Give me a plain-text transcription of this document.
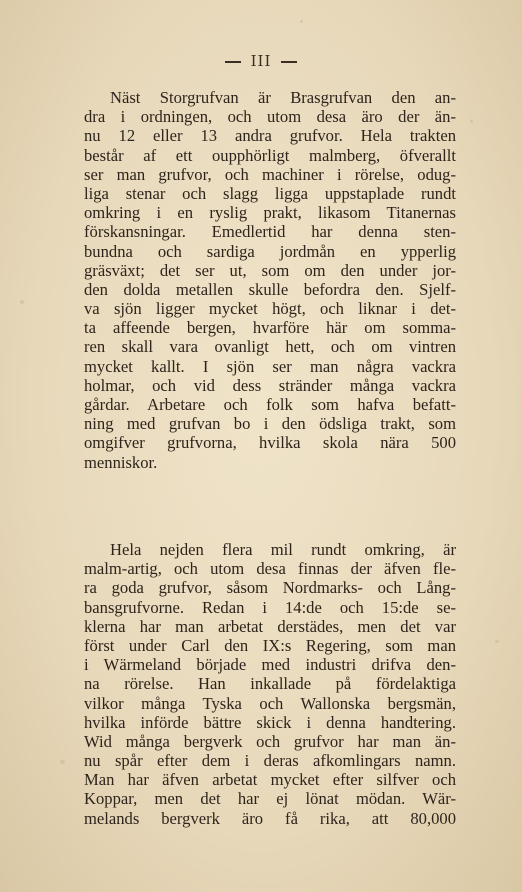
III
Näst Storgrufvan är Brasgrufvan den an-
dra i ordningen, och utom desa äro der än-
nu 12 eller 13 andra grufvor. Hela trakten
består af ett oupphörligt malmberg, öfverallt
ser man grufvor, och machiner i rörelse, odug-
liga stenar och slagg ligga uppstaplade rundt
omkring i en ryslig prakt, likasom Titanernas
förskansningar. Emedlertid har denna sten-
bundna och sardiga jordmån en ypperlig
gräsväxt; det ser ut, som om den under jor-
den dolda metallen skulle befordra den. Sjelf-
va sjön ligger mycket högt, och liknar i det-
ta affeende bergen, hvarföre här om somma-
ren skall vara ovanligt hett, och om vintren
mycket kallt. I sjön ser man några vackra
holmar, och vid dess stränder många vackra
gårdar. Arbetare och folk som hafva befatt-
ning med grufvan bo i den ödsliga trakt, som
omgifver grufvorna, hvilka skola nära 500
menniskor.
Hela nejden flera mil rundt omkring, är
malm-artig, och utom desa finnas der äfven fle-
ra goda grufvor, såsom Nordmarks- och Lång-
bansgrufvorne. Redan i 14:de och 15:de se-
klerna har man arbetat derstädes, men det var
först under Carl den IX:s Regering, som man
i Wärmeland började med industri drifva den-
na rörelse. Han inkallade på fördelaktiga
vilkor många Tyska och Wallonska bergsmän,
hvilka införde bättre skick i denna handtering.
Wid många bergverk och grufvor har man än-
nu spår efter dem i deras afkomlingars namn.
Man har äfven arbetat mycket efter silfver och
Koppar, men det har ej lönat mödan. Wär-
melands bergverk äro få rika, att 80,000
